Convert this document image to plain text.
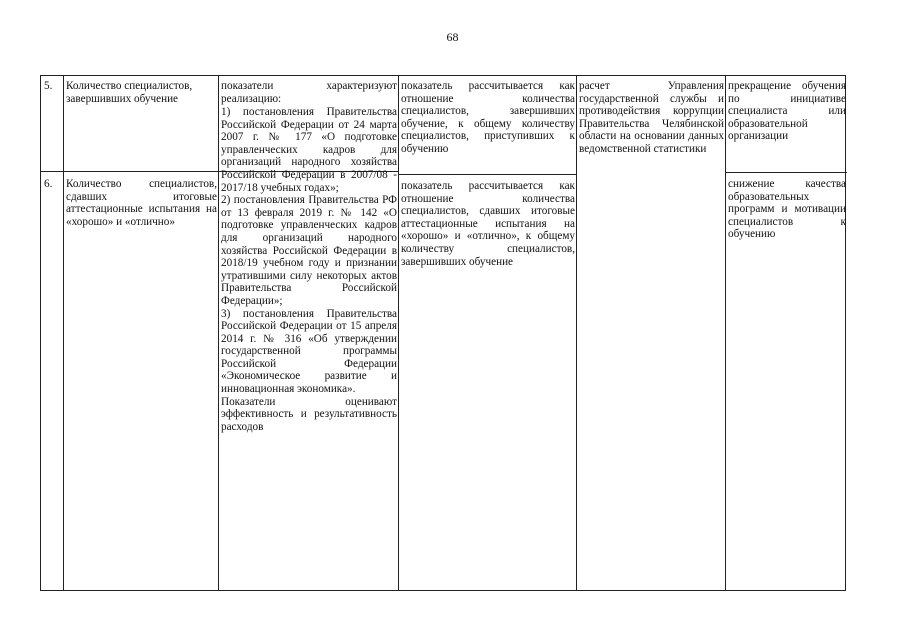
68
5.	Количество специалистов, завершивших обучение
показатели характеризуют реализацию:
показатель рассчитывается как отношение количества специалистов, завершивших обучение, к общему количеству специалистов, приступивших к обучению
расчет Управления государственной службы и противодействия коррупции Правительства Челябинской области на основании данных ведомственной статистики
прекращение обучения по инициативе специалиста или образовательной организации
1) постановления Правительства Российской Федерации от 24 марта 2007 г. № 177 «О подготовке управленческих кадров для организаций народного хозяйства Российской Федерации в 2007/08 - 2017/18 учебных годах»;
2) постановления Правительства РФ от 13 февраля 2019 г. № 142 «О подготовке управленческих кадров для организаций народного хозяйства Российской Федерации в 2018/19 учебном году и признании утратившими силу некоторых актов Правительства Российской Федерации»;
3) постановления Правительства Российской Федерации от 15 апреля 2014 г. № 316 «Об утверждении государственной программы Российской Федерации «Экономическое развитие и инновационная экономика».
Показатели оценивают эффективность и результативность расходов
6.	Количество специалистов, сдавших итоговые аттестационные испытания на «хорошо» и «отлично»
показатель рассчитывается как отношение количества специалистов, сдавших итоговые аттестационные испытания на «хорошо» и «отлично», к общему количеству специалистов, завершивших обучение
снижение качества образовательных программ и мотивации специалистов к обучению
